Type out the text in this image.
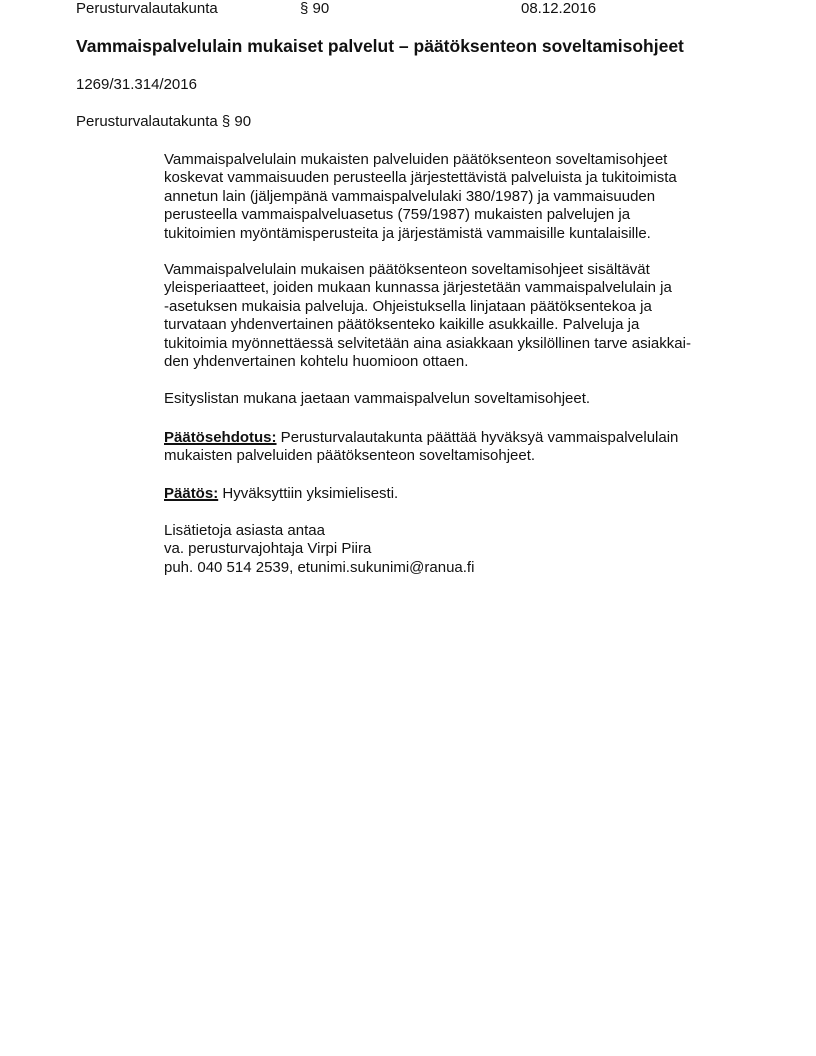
Perusturvalautakunta	§ 90	08.12.2016
Vammaispalvelulain mukaiset palvelut – päätöksenteon soveltamisohjeet
1269/31.314/2016
Perusturvalautakunta § 90
Vammaispalvelulain mukaisten palveluiden päätöksenteon soveltamisohjeet
koskevat vammaisuuden perusteella järjestettävistä palveluista ja tukitoimista
annetun lain (jäljempänä vammaispalvelulaki 380/1987) ja vammaisuuden
perusteella vammaispalveluasetus (759/1987) mukaisten palvelujen ja
tukitoimien myöntämisperusteita ja järjestämistä vammaisille kuntalaisille.
Vammaispalvelulain mukaisen päätöksenteon soveltamisohjeet sisältävät
yleisperiaatteet, joiden mukaan kunnassa järjestetään vammaispalvelulain ja
-asetuksen mukaisia palveluja. Ohjeistuksella linjataan päätöksentekoa ja
turvataan yhdenvertainen päätöksenteko kaikille asukkaille. Palveluja ja
tukitoimia myönnettäessä selvitetään aina asiakkaan yksilöllinen tarve asiakkai-
den yhdenvertainen kohtelu huomioon ottaen.
Esityslistan mukana jaetaan vammaispalvelun soveltamisohjeet.
Päätösehdotus: Perusturvalautakunta päättää hyväksyä vammaispalvelulain
mukaisten palveluiden päätöksenteon soveltamisohjeet.
Päätös: Hyväksyttiin yksimielisesti.
Lisätietoja asiasta antaa
va. perusturvajohtaja Virpi Piira
puh. 040 514 2539, etunimi.sukunimi@ranua.fi
